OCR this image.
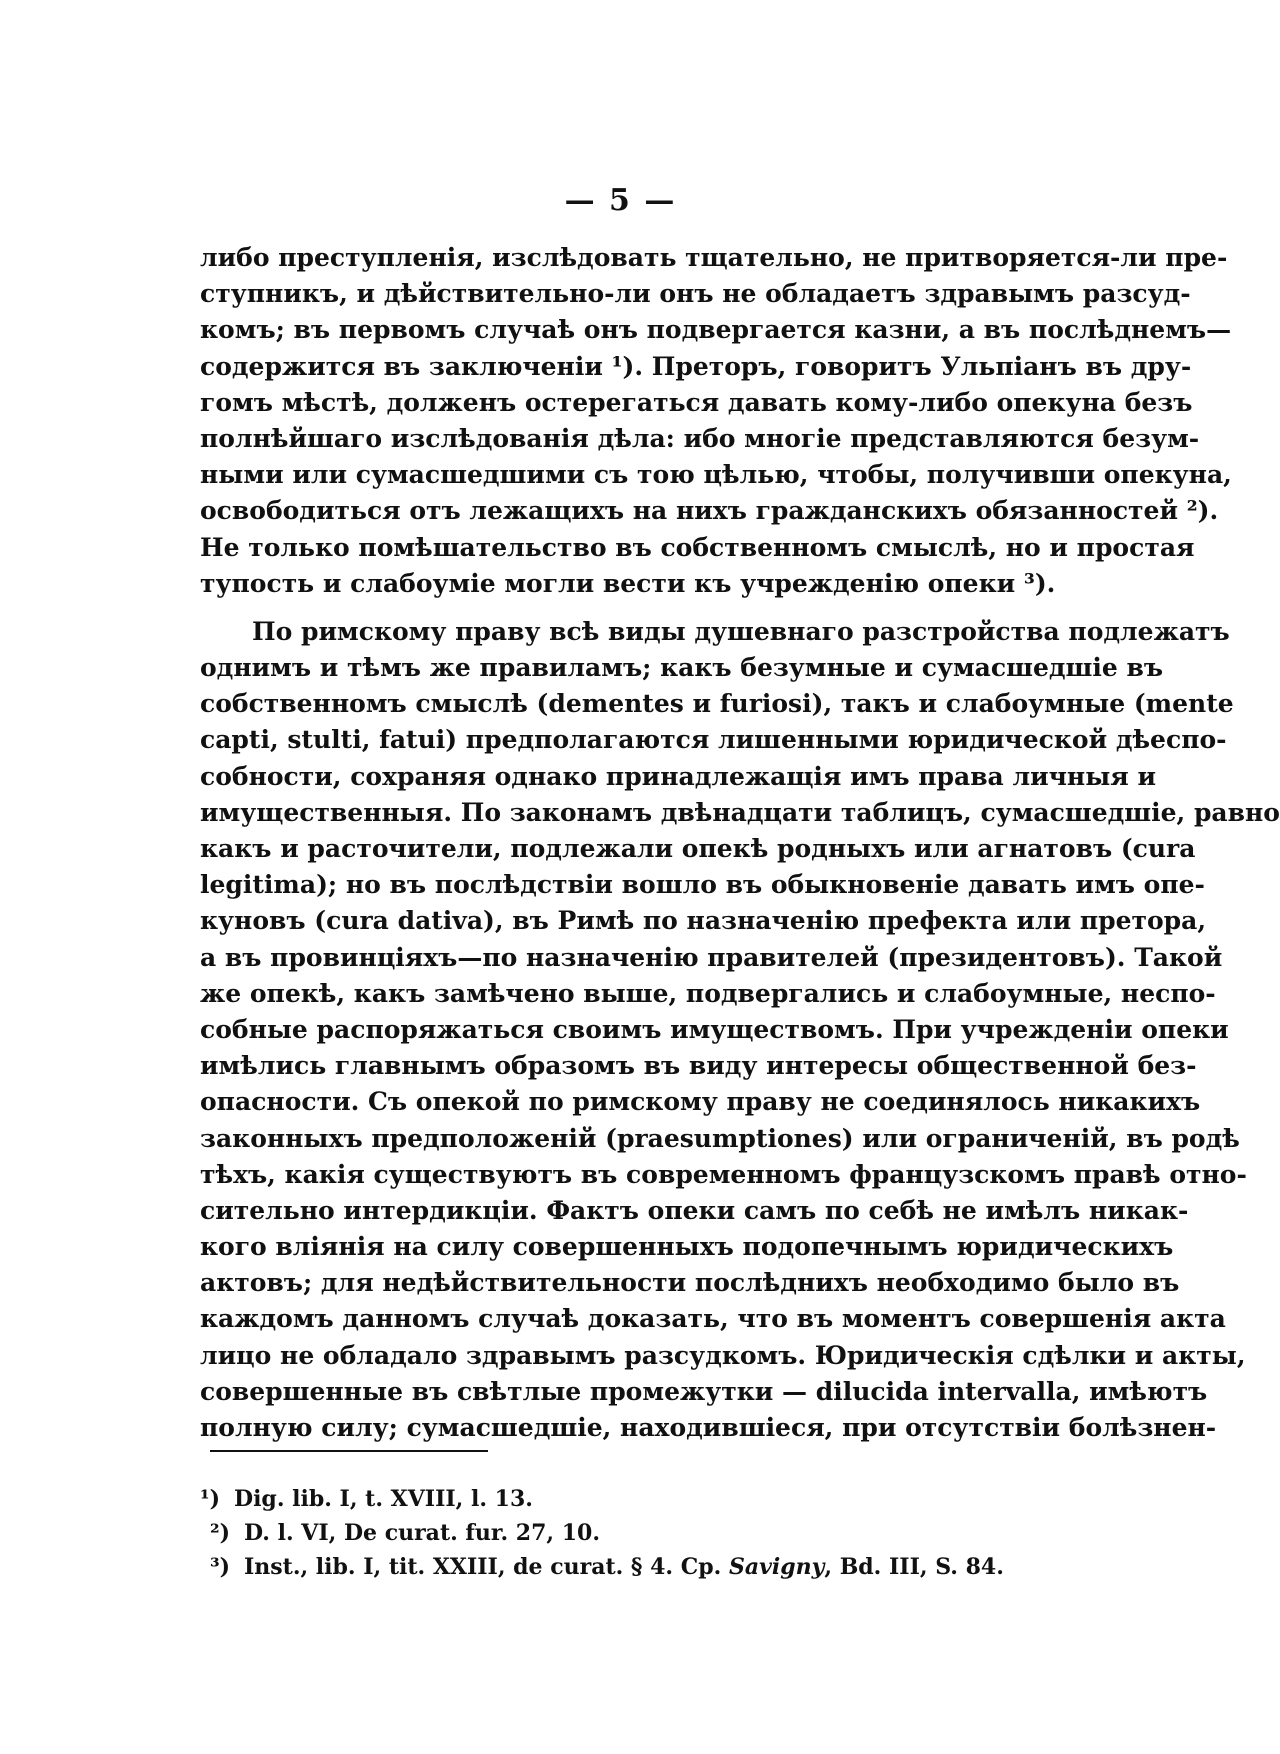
— 5 —
либо преступленія, изслѣдовать тщательно, не притворяется-ли пре-
ступникъ, и дѣйствительно-ли онъ не обладаетъ здравымъ разсуд-
комъ; въ первомъ случаѣ онъ подвергается казни, а въ послѣднемъ—
содержится въ заключеніи ¹). Преторъ, говоритъ Ульпіанъ въ дру-
гомъ мѣстѣ, долженъ остерегаться давать кому-либо опекуна безъ
полнѣйшаго изслѣдованія дѣла: ибо многіе представляются безум-
ными или сумасшедшими съ тою цѣлью, чтобы, получивши опекуна,
освободиться отъ лежащихъ на нихъ гражданскихъ обязанностей ²).
Не только помѣшательство въ собственномъ смыслѣ, но и простая
тупость и слабоуміе могли вести къ учрежденію опеки ³).
По римскому праву всѣ виды душевнаго разстройства подлежатъ
однимъ и тѣмъ же правиламъ; какъ безумные и сумасшедшіе въ
собственномъ смыслѣ (dementes и furiosi), такъ и слабоумные (mente
capti, stulti, fatui) предполагаются лишенными юридической дѣеспо-
собности, сохраняя однако принадлежащія имъ права личныя и
имущественныя. По законамъ двѣнадцати таблицъ, сумасшедшіе, равно
какъ и расточители, подлежали опекѣ родныхъ или агнатовъ (cura
legitima); но въ послѣдствіи вошло въ обыкновеніе давать имъ опе-
куновъ (cura dativa), въ Римѣ по назначенію префекта или претора,
а въ провинціяхъ—по назначенію правителей (президентовъ). Такой
же опекѣ, какъ замѣчено выше, подвергались и слабоумные, неспо-
собные распоряжаться своимъ имуществомъ. При учрежденіи опеки
имѣлись главнымъ образомъ въ виду интересы общественной без-
опасности. Съ опекой по римскому праву не соединялось никакихъ
законныхъ предположеній (praesumptiones) или ограниченій, въ родѣ
тѣхъ, какія существуютъ въ современномъ французскомъ правѣ отно-
сительно интердикціи. Фактъ опеки самъ по себѣ не имѣлъ никак-
кого вліянія на силу совершенныхъ подопечнымъ юридическихъ
актовъ; для недѣйствительности послѣднихъ необходимо было въ
каждомъ данномъ случаѣ доказать, что въ моментъ совершенія акта
лицо не обладало здравымъ разсудкомъ. Юридическія сдѣлки и акты,
совершенные въ свѣтлые промежутки — dilucida intervalla, имѣютъ
полную силу; сумасшедшіе, находившіеся, при отсутствіи болѣзнен-
¹) Dig. lib. I, t. XVIII, l. 13.
²) D. l. VI, De curat. fur. 27, 10.
³) Inst., lib. I, tit. XXIII, de curat. § 4. Cp. Savigny, Bd. III, S. 84.
